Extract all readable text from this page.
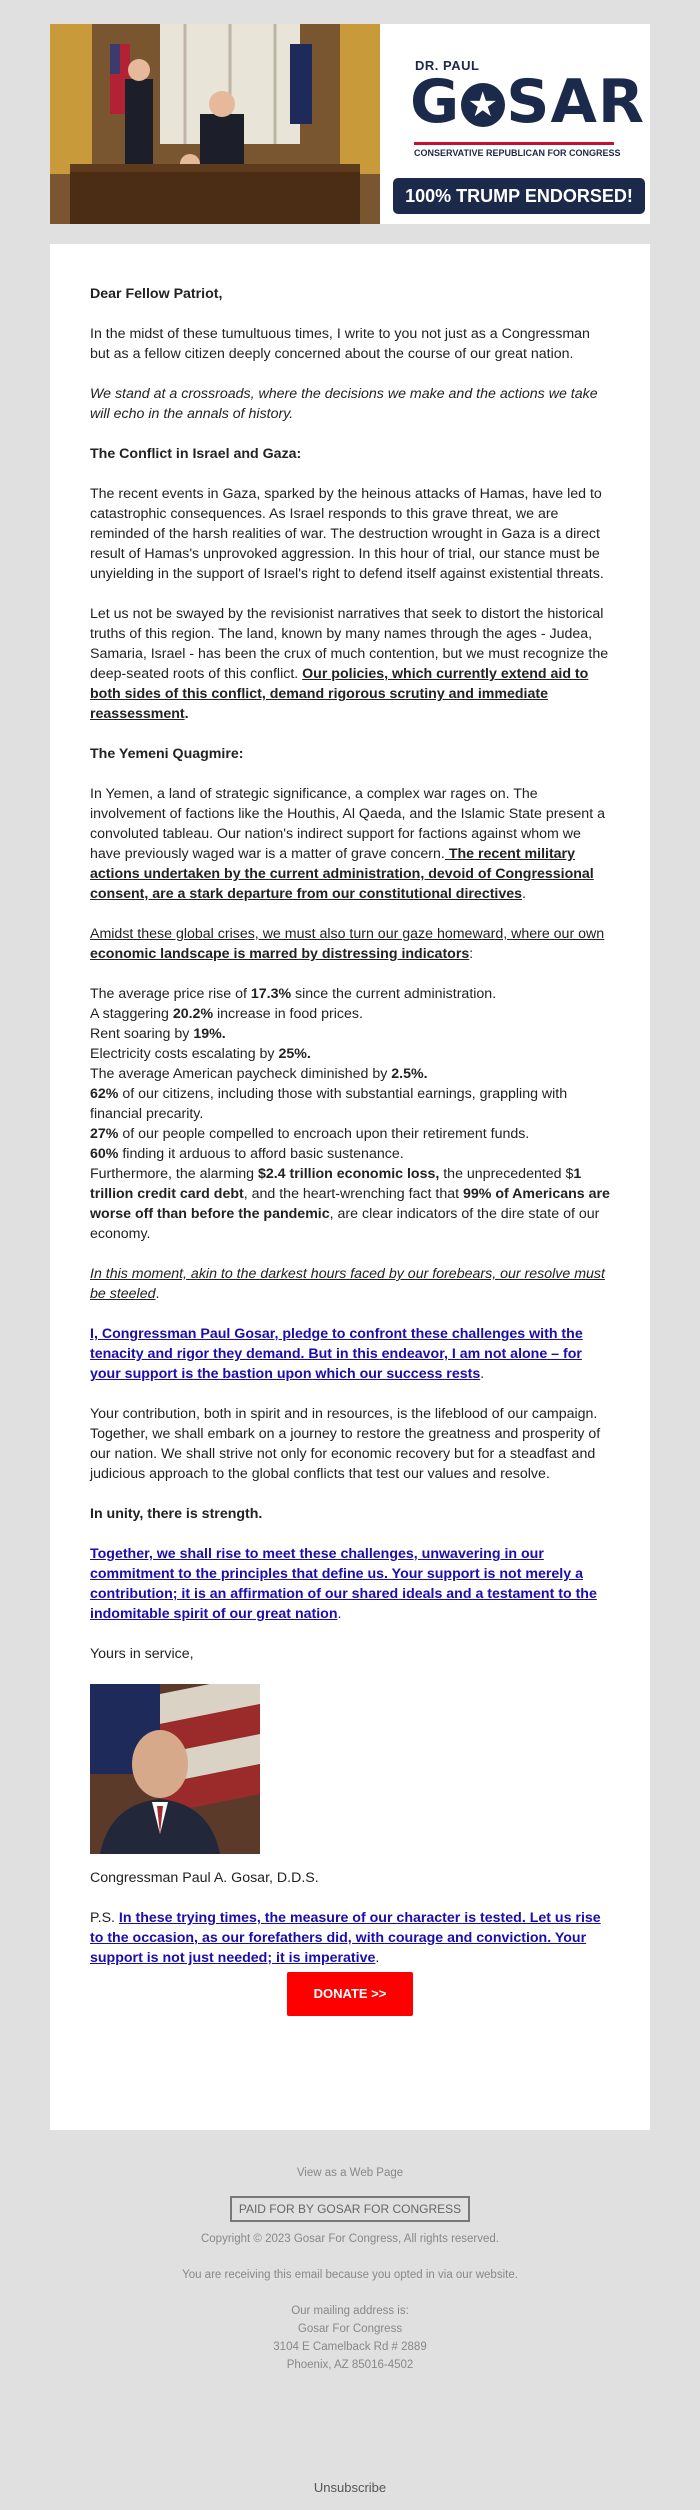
DR. PAUL
G ★ SAR
CONSERVATIVE REPUBLICAN FOR CONGRESS
100% TRUMP ENDORSED!

Dear Fellow Patriot,

In the midst of these tumultuous times, I write to you not just as a Congressman but as a fellow citizen deeply concerned about the course of our great nation.

We stand at a crossroads, where the decisions we make and the actions we take will echo in the annals of history.

The Conflict in Israel and Gaza:

The recent events in Gaza, sparked by the heinous attacks of Hamas, have led to catastrophic consequences. As Israel responds to this grave threat, we are reminded of the harsh realities of war. The destruction wrought in Gaza is a direct result of Hamas's unprovoked aggression. In this hour of trial, our stance must be unyielding in the support of Israel's right to defend itself against existential threats.

Let us not be swayed by the revisionist narratives that seek to distort the historical truths of this region. The land, known by many names through the ages - Judea, Samaria, Israel - has been the crux of much contention, but we must recognize the deep-seated roots of this conflict. Our policies, which currently extend aid to both sides of this conflict, demand rigorous scrutiny and immediate reassessment.

The Yemeni Quagmire:

In Yemen, a land of strategic significance, a complex war rages on. The involvement of factions like the Houthis, Al Qaeda, and the Islamic State present a convoluted tableau. Our nation's indirect support for factions against whom we have previously waged war is a matter of grave concern. The recent military actions undertaken by the current administration, devoid of Congressional consent, are a stark departure from our constitutional directives.

Amidst these global crises, we must also turn our gaze homeward, where our own economic landscape is marred by distressing indicators:

The average price rise of 17.3% since the current administration.
A staggering 20.2% increase in food prices.
Rent soaring by 19%.
Electricity costs escalating by 25%.
The average American paycheck diminished by 2.5%.
62% of our citizens, including those with substantial earnings, grappling with financial precarity.
27% of our people compelled to encroach upon their retirement funds.
60% finding it arduous to afford basic sustenance.
Furthermore, the alarming $2.4 trillion economic loss, the unprecedented $1 trillion credit card debt, and the heart-wrenching fact that 99% of Americans are worse off than before the pandemic, are clear indicators of the dire state of our economy.

In this moment, akin to the darkest hours faced by our forebears, our resolve must be steeled.

I, Congressman Paul Gosar, pledge to confront these challenges with the tenacity and rigor they demand. But in this endeavor, I am not alone – for your support is the bastion upon which our success rests.

Your contribution, both in spirit and in resources, is the lifeblood of our campaign. Together, we shall embark on a journey to restore the greatness and prosperity of our nation. We shall strive not only for economic recovery but for a steadfast and judicious approach to the global conflicts that test our values and resolve.

In unity, there is strength.

Together, we shall rise to meet these challenges, unwavering in our commitment to the principles that define us. Your support is not merely a contribution; it is an affirmation of our shared ideals and a testament to the indomitable spirit of our great nation.

Yours in service,

Congressman Paul A. Gosar, D.D.S.

P.S. In these trying times, the measure of our character is tested. Let us rise to the occasion, as our forefathers did, with courage and conviction. Your support is not just needed; it is imperative.

DONATE >>
View as a Web Page
PAID FOR BY GOSAR FOR CONGRESS
Copyright © 2023 Gosar For Congress, All rights reserved.
You are receiving this email because you opted in via our website.
Our mailing address is:
Gosar For Congress
3104 E Camelback Rd # 2889
Phoenix, AZ 85016-4502
Unsubscribe
